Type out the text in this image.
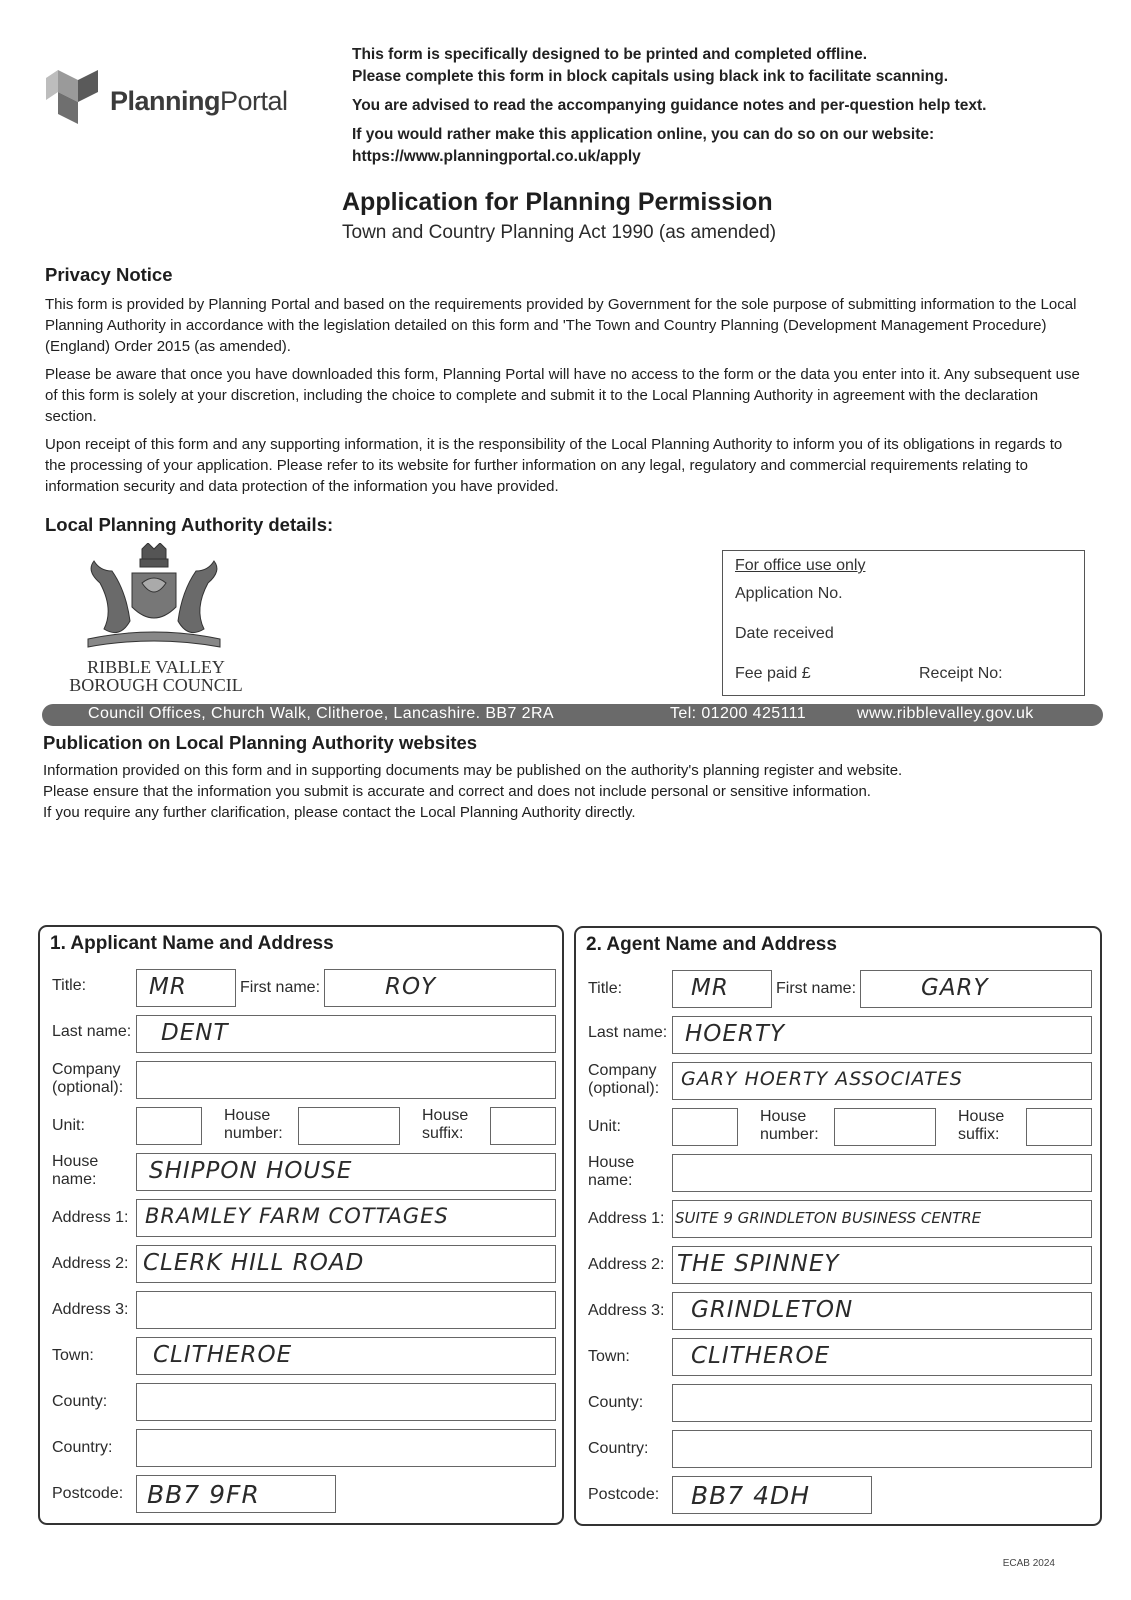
PlanningPortal

This form is specifically designed to be printed and completed offline.
Please complete this form in block capitals using black ink to facilitate scanning.

You are advised to read the accompanying guidance notes and per-question help text.

If you would rather make this application online, you can do so on our website:
https://www.planningportal.co.uk/apply

Application for Planning Permission
Town and Country Planning Act 1990 (as amended)
Privacy Notice

This form is provided by Planning Portal and based on the requirements provided by Government for the sole purpose of submitting information to the Local Planning Authority in accordance with the legislation detailed on this form and 'The Town and Country Planning (Development Management Procedure) (England) Order 2015 (as amended).

Please be aware that once you have downloaded this form, Planning Portal will have no access to the form or the data you enter into it. Any subsequent use of this form is solely at your discretion, including the choice to complete and submit it to the Local Planning Authority in agreement with the declaration section.

Upon receipt of this form and any supporting information, it is the responsibility of the Local Planning Authority to inform you of its obligations in regards to the processing of your application. Please refer to its website for further information on any legal, regulatory and commercial requirements relating to information security and data protection of the information you have provided.

Local Planning Authority details:
RIBBLE VALLEY
BOROUGH COUNCIL
For office use only
Application No.
Date received
Fee paid £	Receipt No:
Council Offices, Church Walk, Clitheroe, Lancashire. BB7 2RA	Tel: 01200 425111	www.ribblevalley.gov.uk
Publication on Local Planning Authority websites
Information provided on this form and in supporting documents may be published on the authority's planning register and website.
Please ensure that the information you submit is accurate and correct and does not include personal or sensitive information.
If you require any further clarification, please contact the Local Planning Authority directly.
1. Applicant Name and Address
Title:	MR	First name:	ROY
Last name: DENT
Company
(optional):
Unit:
House
number:
House
suffix:
House
name: SHIPPON HOUSE
Address 1: BRAMLEY FARM COTTAGES
Address 2: CLERK HILL ROAD
Address 3:
Town:	CLITHEROE
County:
Country:
Postcode: BB7 9FR
2. Agent Name and Address
Title:	MR	First name:	GARY
Last name: HOERTY
Company
(optional): GARY HOERTY ASSOCIATES
Unit:
House
number:
House
suffix:
House
name:
Address 1: SUITE 9 GRINDLETON BUSINESS CENTRE
Address 2: THE SPINNEY
Address 3: GRINDLETON
Town:	CLITHEROE
County:
Country:
Postcode: BB7 4DH
ECAB 2024
